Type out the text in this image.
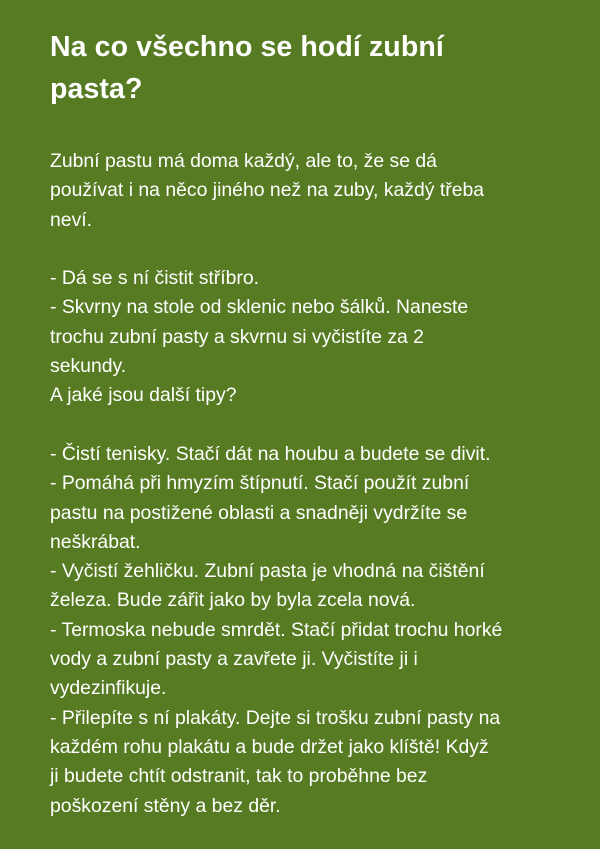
Na co všechno se hodí zubní
pasta?
Zubní pastu má doma každý, ale to, že se dá
používat i na něco jiného než na zuby, každý třeba
neví.
- Dá se s ní čistit stříbro.
- Skvrny na stole od sklenic nebo šálků. Naneste
trochu zubní pasty a skvrnu si vyčistíte za 2
sekundy.
A jaké jsou další tipy?
- Čistí tenisky. Stačí dát na houbu a budete se divit.
- Pomáhá při hmyzím štípnutí. Stačí použít zubní
pastu na postižené oblasti a snadněji vydržíte se
neškrábat.
- Vyčistí žehličku. Zubní pasta je vhodná na čištění
železa. Bude zářit jako by byla zcela nová.
- Termoska nebude smrdět. Stačí přidat trochu horké
vody a zubní pasty a zavřete ji. Vyčistíte ji i
vydezinfikuje.
- Přilepíte s ní plakáty. Dejte si trošku zubní pasty na
každém rohu plakátu a bude držet jako klíště! Když
ji budete chtít odstranit, tak to proběhne bez
poškození stěny a bez děr.
